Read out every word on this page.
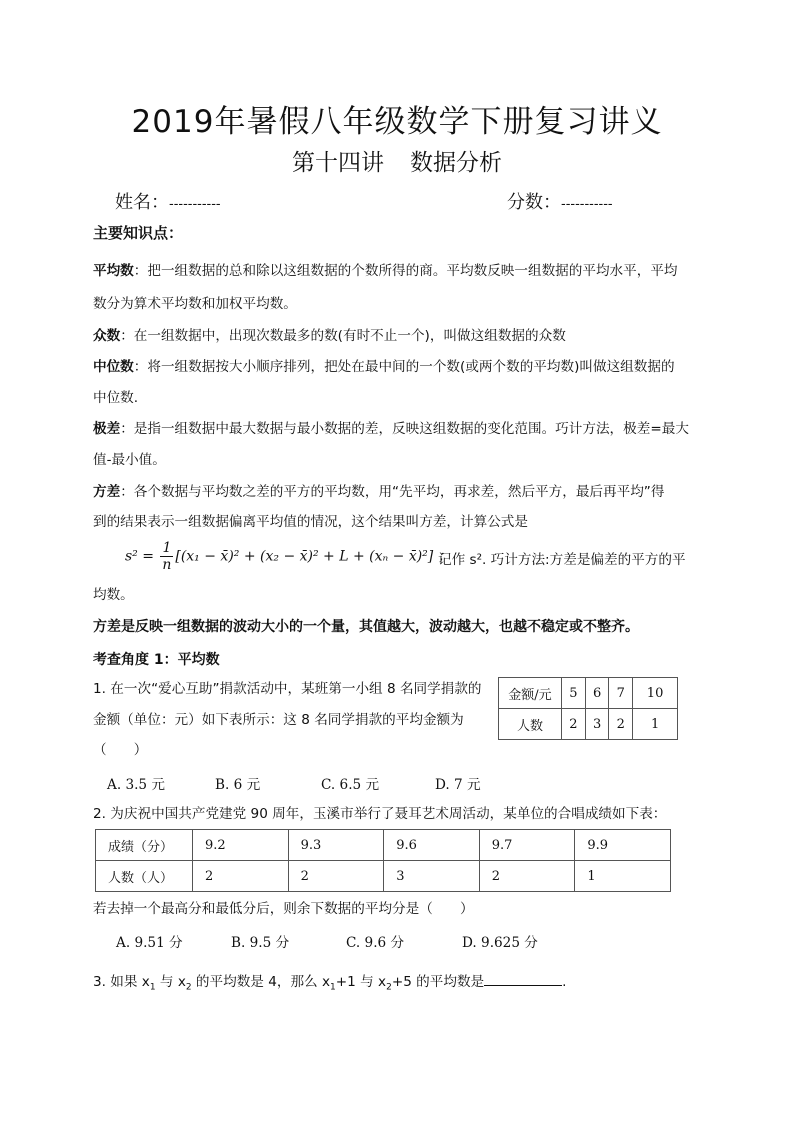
2019年暑假八年级数学下册复习讲义
第十四讲 数据分析
姓名：-----------	分数：-----------
主要知识点：
平均数：把一组数据的总和除以这组数据的个数所得的商。平均数反映一组数据的平均水平，平均
数分为算术平均数和加权平均数。
众数：在一组数据中，出现次数最多的数(有时不止一个)，叫做这组数据的众数
中位数：将一组数据按大小顺序排列，把处在最中间的一个数(或两个数的平均数)叫做这组数据的
中位数.
极差：是指一组数据中最大数据与最小数据的差，反映这组数据的变化范围。巧计方法，极差=最大
值-最小值。
方差：各个数据与平均数之差的平方的平均数，用“先平均，再求差，然后平方，最后再平均”得
到的结果表示一组数据偏离平均值的情况，这个结果叫方差，计算公式是
$s^2 = \frac{1}{n} [(x_1$ − x̄)² + (x₂ − x̄)² + L + (xₙ − x̄)²] ；
记作 s². 巧计方法:方差是偏差的平方的平
均数。
方差是反映一组数据的波动大小的一个量，其值越大，波动越大，也越不稳定或不整齐。
考查角度 1：平均数
1. 在一次“爱心互助”捐款活动中，某班第一小组 8 名同学捐款的
金额（单位：元）如下表所示：这 8 名同学捐款的平均金额为
（　　）
金额/元	5	6	7	10
人数	2	3	2	1
A. 3.5 元	B. 6 元	C. 6.5 元	D. 7 元
2. 为庆祝中国共产党建党 90 周年，玉溪市举行了聂耳艺术周活动，某单位的合唱成绩如下表：
成绩（分）	9.2	9.3	9.6	9.7	9.9
人数（人）	2	2	3	2	1
若去掉一个最高分和最低分后，则余下数据的平均分是（　　）
A. 9.51 分	B. 9.5 分	C. 9.6 分	D. 9.625 分
3. 如果 $x_1$ 与 $x_2$ 的平均数是 4，那么 $x_1+1$ 与 $x_2+5$ 的平均数是	.
